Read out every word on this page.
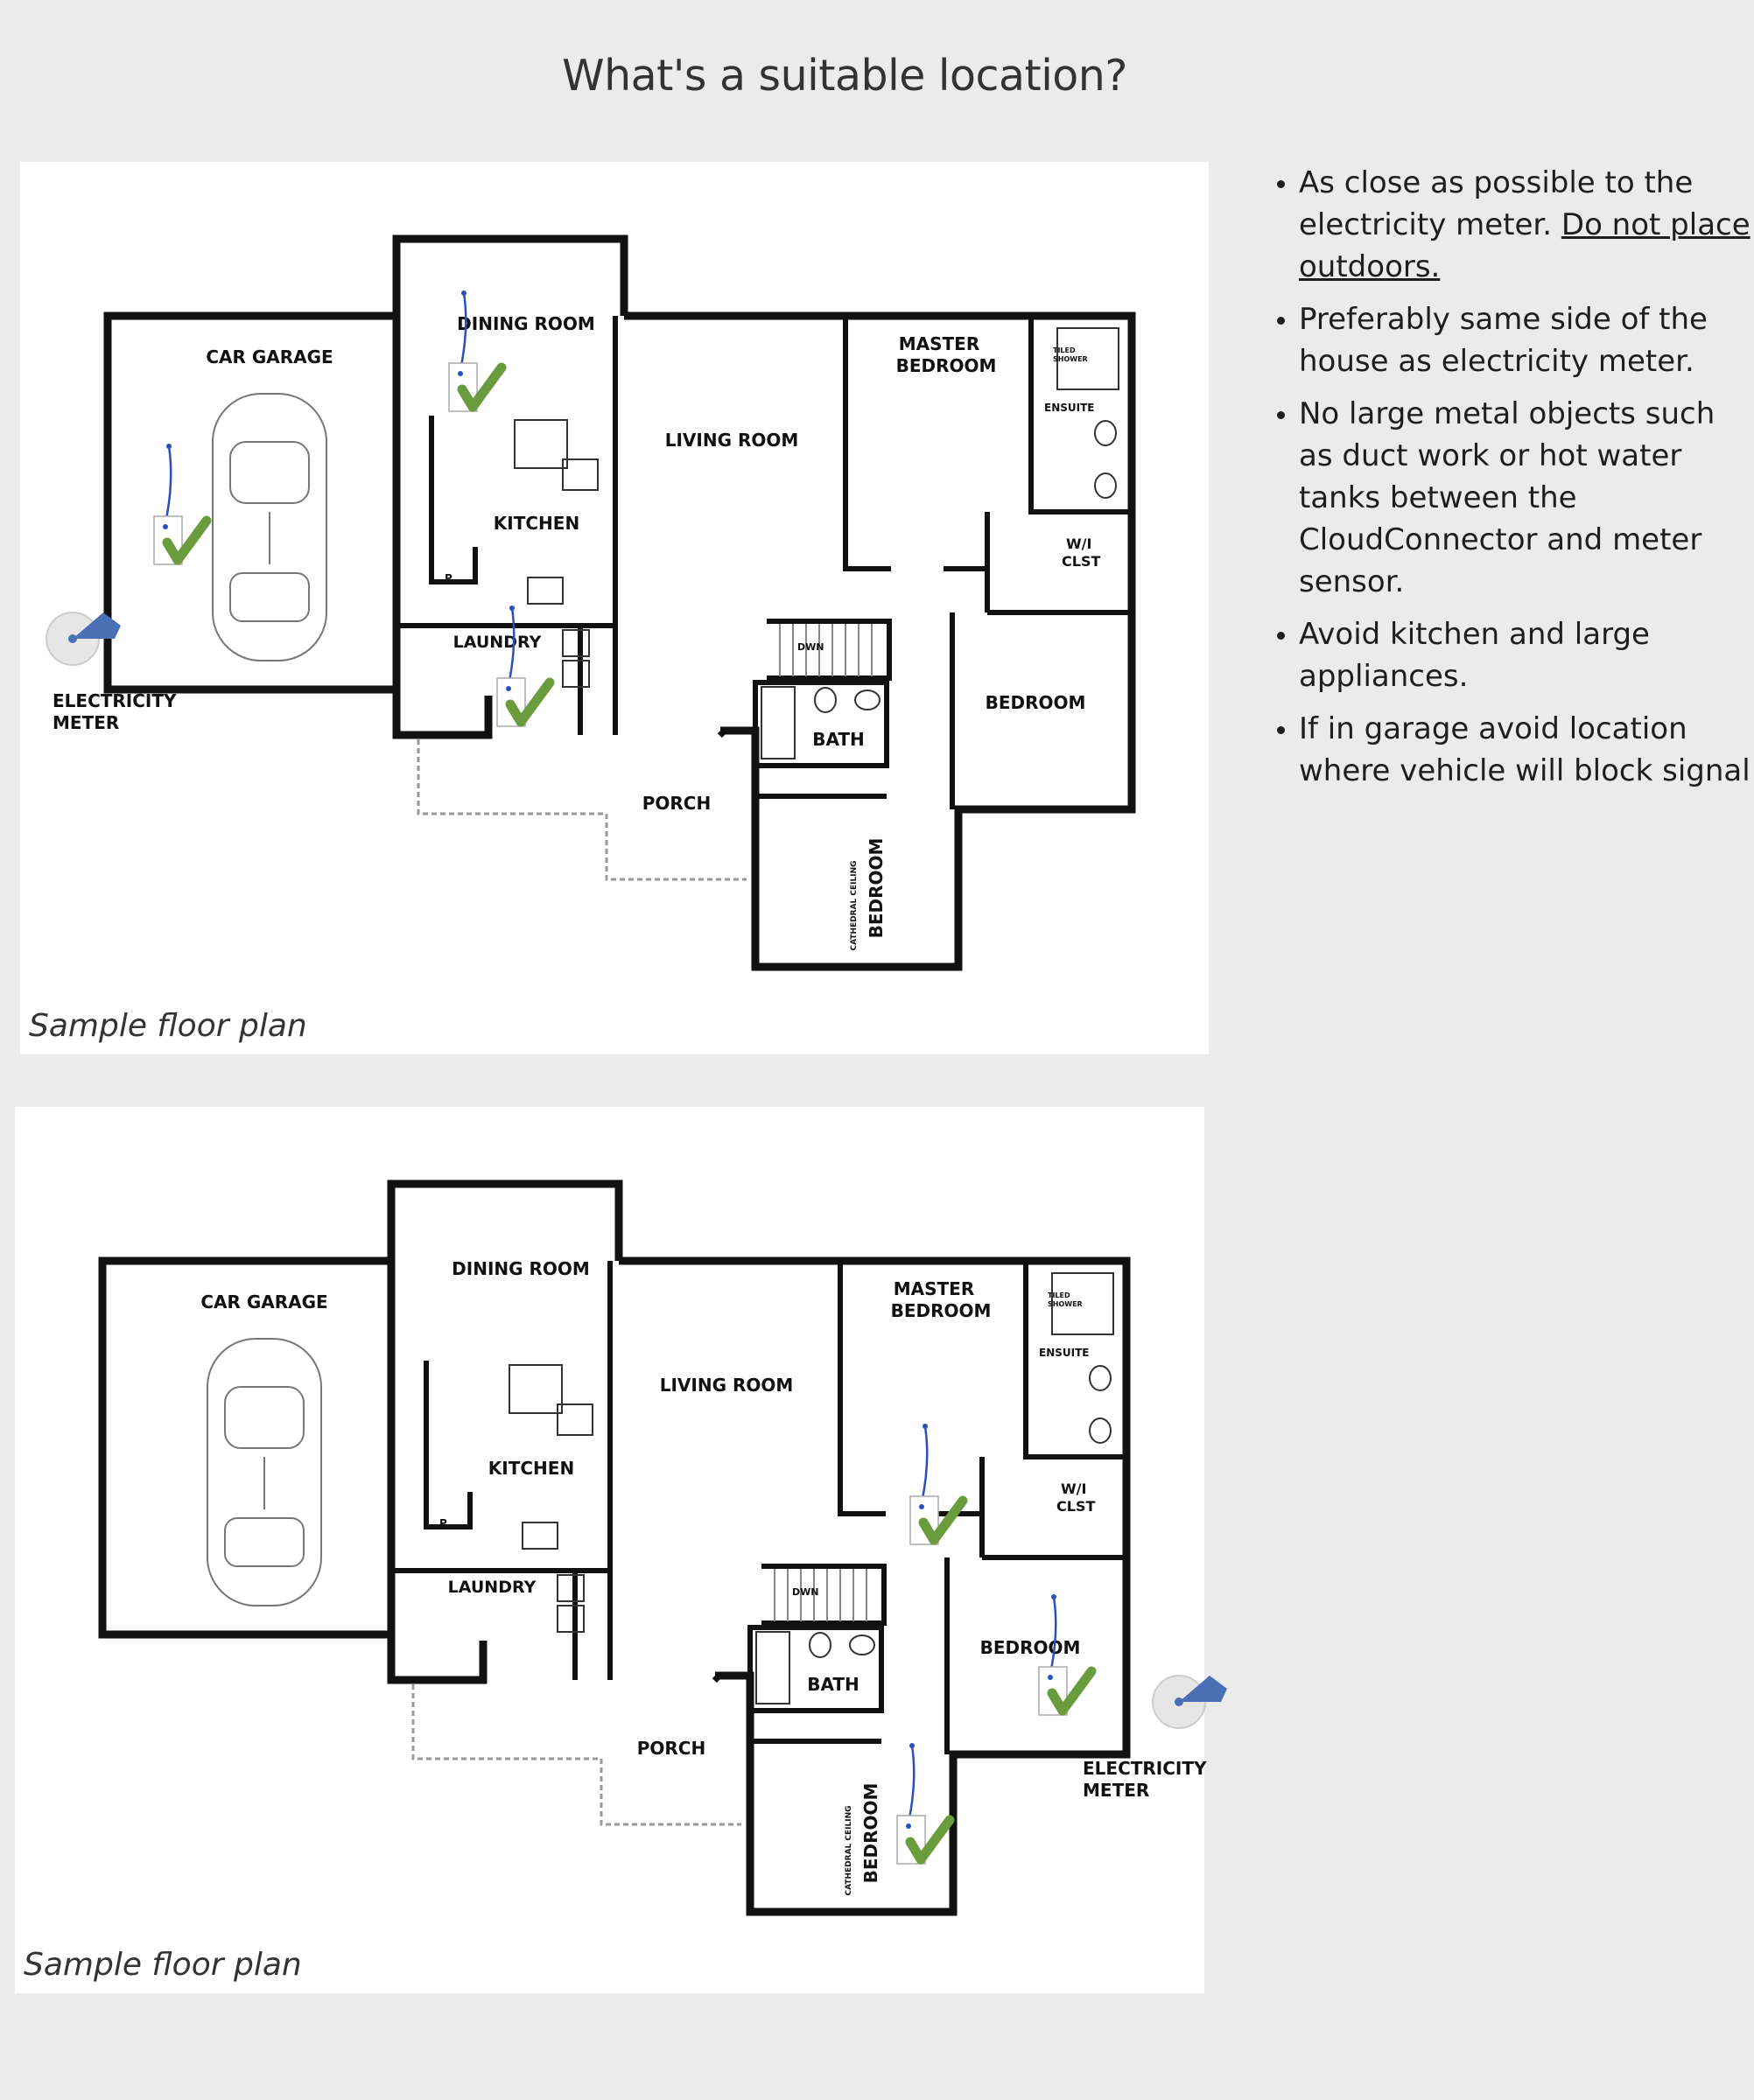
What's a suitable location?
CAR GARAGE
DINING ROOM
KITCHEN
LAUNDRY
LIVING ROOM
MASTER
BEDROOM
TILED
SHOWER
ENSUITE
W/I
CLST
DWN
BATH
BEDROOM
PORCH
CATHEDRAL CEILING BEDROOM
P
ELECTRICITY
METER
Sample floor plan
CAR GARAGE
DINING ROOM
KITCHEN
LAUNDRY
LIVING ROOM
MASTER
BEDROOM
TILED
SHOWER
ENSUITE
W/I
CLST
DWN
BATH
BEDROOM
PORCH
CATHEDRAL CEILING BEDROOM
P
ELECTRICITY
METER
Sample floor plan
• As close as possible to the electricity meter. Do not place outdoors.
• Preferably same side of the house as electricity meter.
• No large metal objects such as duct work or hot water tanks between the CloudConnector and meter sensor.
• Avoid kitchen and large appliances.
• If in garage avoid location where vehicle will block signal
